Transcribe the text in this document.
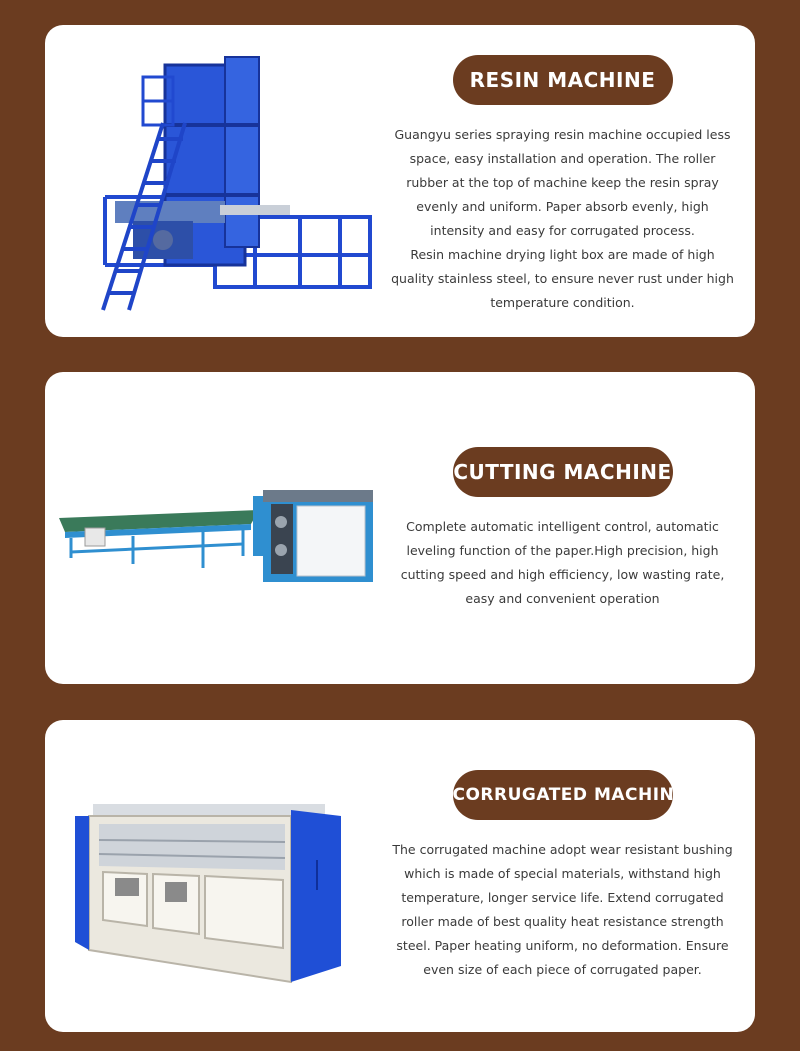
RESIN MACHINE

Guangyu series spraying resin machine occupied less space, easy installation and operation. The roller rubber at the top of machine keep the resin spray evenly and uniform. Paper absorb evenly, high intensity and easy for corrugated process.

Resin machine drying light box are made of high quality stainless steel, to ensure never rust under high temperature condition.

CUTTING MACHINE

Complete automatic intelligent control, automatic leveling function of the paper.High precision, high cutting speed and high efficiency, low wasting rate, easy and convenient operation

CORRUGATED MACHINE

The corrugated machine adopt wear resistant bushing which is made of special materials, withstand high temperature, longer service life. Extend corrugated roller made of best quality heat resistance strength steel. Paper heating uniform, no deformation. Ensure even size of each piece of corrugated paper.
